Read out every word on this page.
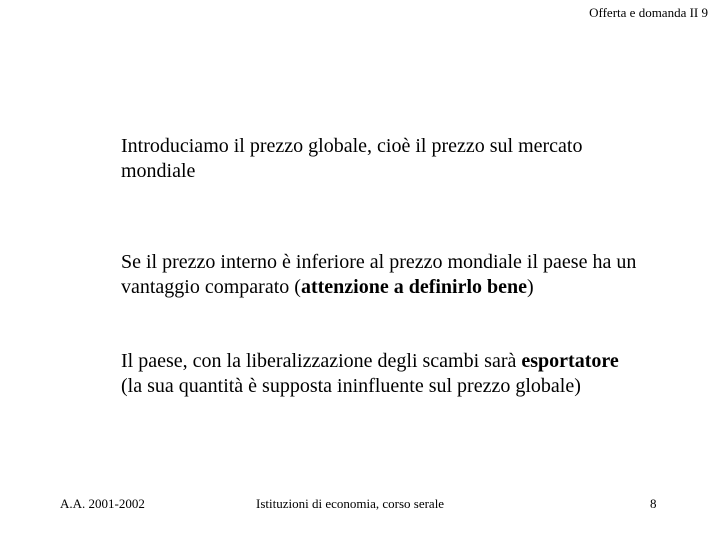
Offerta e domanda II 9

Introduciamo il prezzo globale, cioè il prezzo sul mercato mondiale

Se il prezzo interno è inferiore al prezzo mondiale il paese ha un vantaggio comparato (attenzione a definirlo bene)

Il paese, con la liberalizzazione degli scambi sarà esportatore (la sua quantità è supposta ininfluente sul prezzo globale)

A.A. 2001-2002	Istituzioni di economia, corso serale	8
